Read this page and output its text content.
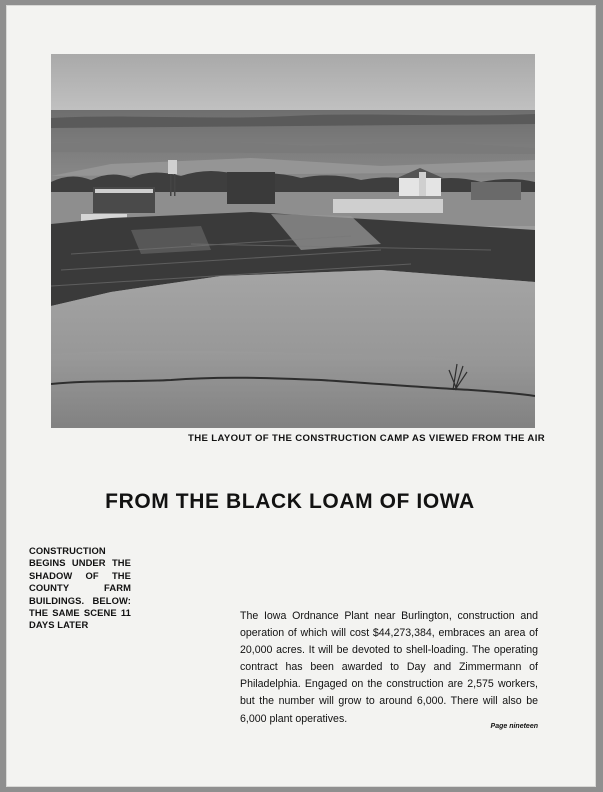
THE LAYOUT OF THE CONSTRUCTION CAMP AS VIEWED FROM THE AIR
FROM THE BLACK LOAM OF IOWA

CONSTRUCTION BEGINS UNDER THE SHADOW OF THE COUNTY FARM BUILDINGS. BELOW: THE SAME SCENE 11 DAYS LATER

The Iowa Ordnance Plant near Burlington, construction and operation of which will cost $44,273,384, embraces an area of 20,000 acres. It will be devoted to shell-loading. The operating contract has been awarded to Day and Zimmermann of Philadelphia. Engaged on the construction are 2,575 workers, but the number will grow to around 6,000. There will also be 6,000 plant operatives.

Page nineteen
